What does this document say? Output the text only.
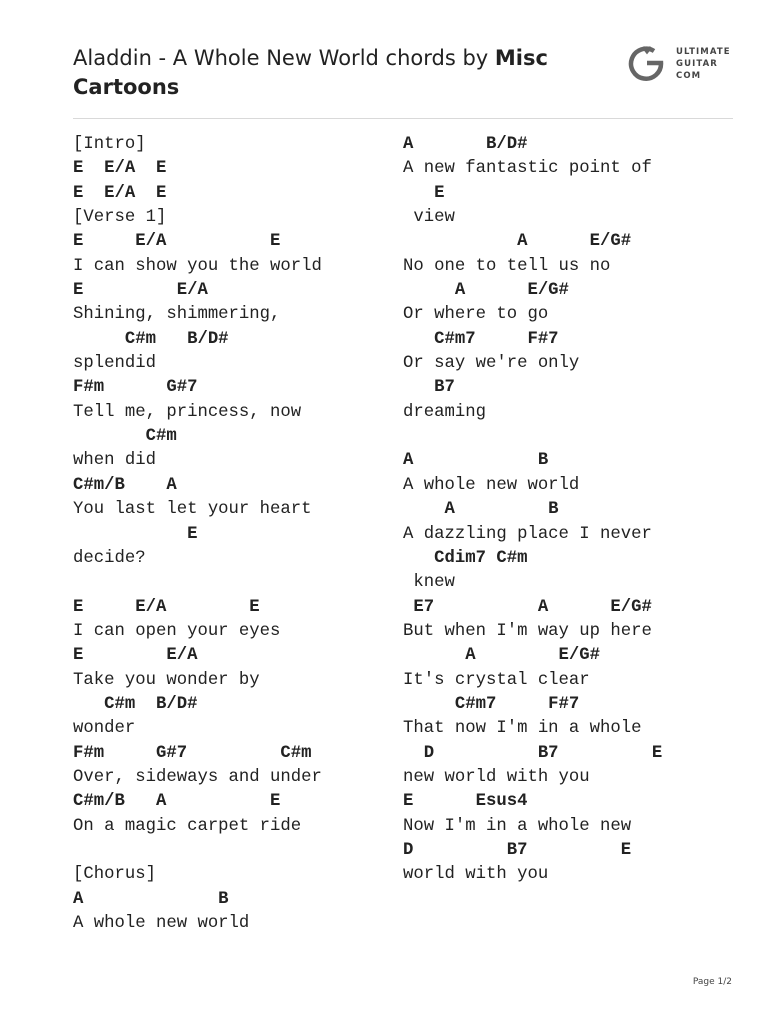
Aladdin - A Whole New World chords by Misc Cartoons
ULTIMATE
GUITAR
COM
[Intro]
E  E/A  E
E  E/A  E
[Verse 1]
E     E/A          E
I can show you the world
E         E/A
Shining, shimmering,
C#m   B/D#
splendid
F#m      G#7
Tell me, princess, now
C#m
when did
C#m/B    A
You last let your heart
E
decide?
E     E/A        E
I can open your eyes
E        E/A
Take you wonder by
C#m  B/D#
wonder
F#m     G#7         C#m
Over, sideways and under
C#m/B   A          E
On a magic carpet ride
[Chorus]
A             B
A whole new world
A       B/D#
A new fantastic point of
E
view
A      E/G#
No one to tell us no
A      E/G#
Or where to go
C#m7     F#7
Or say we're only
B7
dreaming
A            B
A whole new world
A         B
A dazzling place I never
Cdim7 C#m
knew
E7          A      E/G#
But when I'm way up here
A        E/G#
It's crystal clear
C#m7     F#7
That now I'm in a whole
D          B7         E
new world with you
E      Esus4
Now I'm in a whole new
D         B7         E
world with you
Page 1/2
